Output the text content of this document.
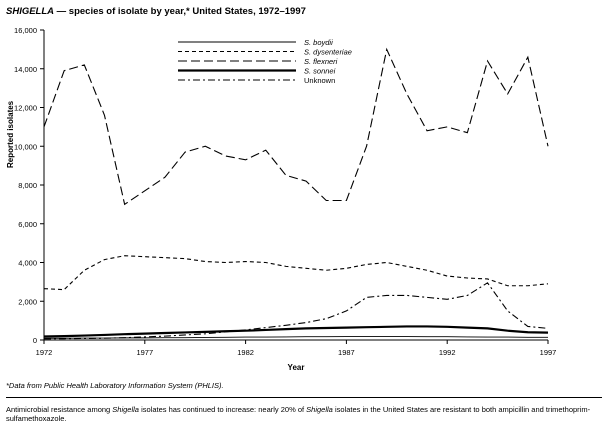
SHIGELLA — species of isolate by year,* United States, 1972–1997
0
2,000
4,000
6,000
8,000
10,000
12,000
14,000
16,000
1972	1977	1982	1987	1992	1997
Year
S. boydii
S. dysenteriae
S. flexneri
S. sonnei
Unknown
Reported isolates
*Data from Public Health Laboratory Information System (PHLIS).
Antimicrobial resistance among Shigella isolates has continued to increase: nearly 20% of Shigella isolates in the United States are resistant to both ampicillin and trimethoprim-sulfamethoxazole.
